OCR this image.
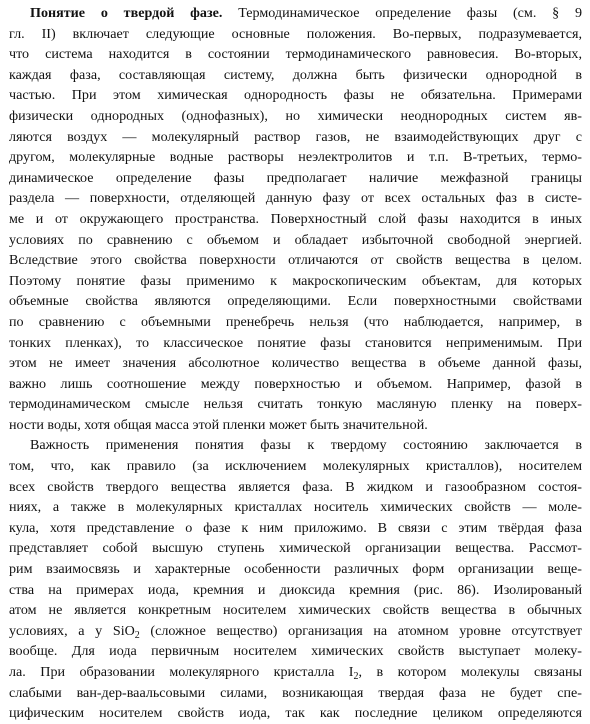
Понятие о твердой фазе. Термодинамическое определение фазы (см. § 9
гл. II) включает следующие основные положения. Во-первых, подразумевается,
что система находится в состоянии термодинамического равновесия. Во-вторых,
каждая фаза, составляющая систему, должна быть физически однородной в
частью. При этом химическая однородность фазы не обязательна. Примерами
физически однородных (однофазных), но химически неоднородных систем яв-
ляются воздух — молекулярный раствор газов, не взаимодействующих друг с
другом, молекулярные водные растворы неэлектролитов и т.п. В-третьих, термо-
динамическое определение фазы предполагает наличие межфазной границы
раздела — поверхности, отделяющей данную фазу от всех остальных фаз в систе-
ме и от окружающего пространства. Поверхностный слой фазы находится в иных
условиях по сравнению с объемом и обладает избыточной свободной энергией.
Вследствие этого свойства поверхности отличаются от свойств вещества в целом.
Поэтому понятие фазы применимо к макроскопическим объектам, для которых
объемные свойства являются определяющими. Если поверхностными свойствами
по сравнению с объемными пренебречь нельзя (что наблюдается, например, в
тонких пленках), то классическое понятие фазы становится неприменимым. При
этом не имеет значения абсолютное количество вещества в объеме данной фазы,
важно лишь соотношение между поверхностью и объемом. Например, фазой в
термодинамическом смысле нельзя считать тонкую масляную пленку на поверх-
ности воды, хотя общая масса этой пленки может быть значительной.
Важность применения понятия фазы к твердому состоянию заключается в
том, что, как правило (за исключением молекулярных кристаллов), носителем
всех свойств твердого вещества является фаза. В жидком и газообразном состоя-
ниях, а также в молекулярных кристаллах носитель химических свойств — моле-
кула, хотя представление о фазе к ним приложимо. В связи с этим твёрдая фаза
представляет собой высшую ступень химической организации вещества. Рассмот-
рим взаимосвязь и характерные особенности различных форм организации веще-
ства на примерах иода, кремния и диоксида кремния (рис. 86). Изолированый
атом не является конкретным носителем химических свойств вещества в обычных
условиях, а у SiO$_2$ (сложное вещество) организация на атомном уровне отсутствует
вообще. Для иода первичным носителем химических свойств выступает молеку-
ла. При образовании молекулярного кристалла $I_2$, в котором молекулы связаны
слабыми ван-дер-ваальсовыми силами, возникающая твердая фаза не будет спе-
цифическим носителем свойств иода, так как последние целиком определяются
